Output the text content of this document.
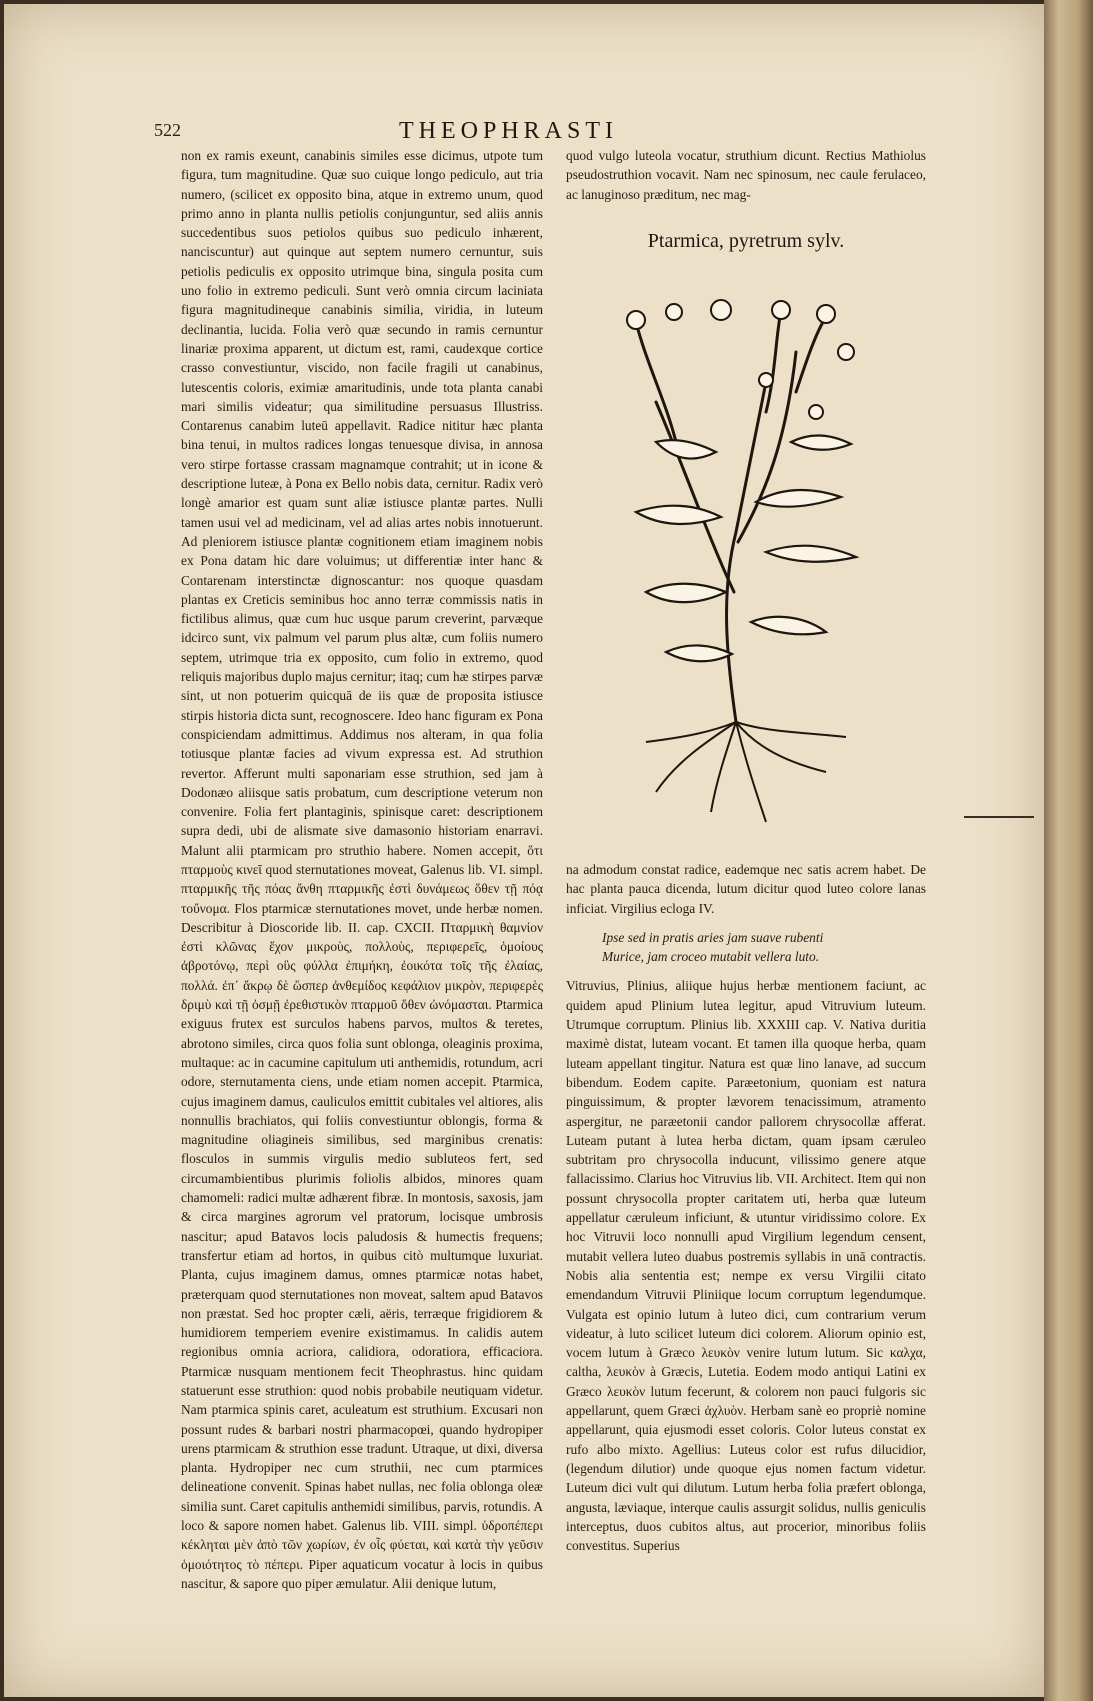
522	THEOPHRASTI

non ex ramis exeunt, canabinis similes esse dicimus, utpote tum figura, tum magnitudine. Quæ suo cuique longo pediculo, aut tria numero, (scilicet ex opposito bina, atque in extremo unum, quod primo anno in planta nullis petiolis conjunguntur, sed aliis annis succedentibus suos petiolos quibus suo pediculo inhærent, nanciscuntur) aut quinque aut septem numero cernuntur, suis petiolis pediculis ex opposito utrimque bina, singula posita cum uno folio in extremo pediculi. Sunt verò omnia circum laciniata figura magnitudineque canabinis similia, viridia, in luteum declinantia, lucida. Folia verò quæ secundo in ramis cernuntur linariæ proxima apparent, ut dictum est, rami, caudexque cortice crasso convestiuntur, viscido, non facile fragili ut canabinus, lutescentis coloris, eximiæ amaritudinis, unde tota planta canabi mari similis videatur; qua similitudine persuasus Illustriss. Contarenus canabim luteū appellavit. Radice nititur hæc planta bina tenui, in multos radices longas tenuesque divisa, in annosa vero stirpe fortasse crassam magnamque contrahit; ut in icone & descriptione luteæ, à Pona ex Bello nobis data, cernitur. Radix verò longè amarior est quam sunt aliæ istiusce plantæ partes. Nulli tamen usui vel ad medicinam, vel ad alias artes nobis innotuerunt. Ad pleniorem istiusce plantæ cognitionem etiam imaginem nobis ex Pona datam hic dare voluimus; ut differentiæ inter hanc & Contarenam interstinctæ dignoscantur: nos quoque quasdam plantas ex Creticis seminibus hoc anno terræ commissis natis in fictilibus alimus, quæ cum huc usque parum creverint, parvæque idcirco sunt, vix palmum vel parum plus altæ, cum foliis numero septem, utrimque tria ex opposito, cum folio in extremo, quod reliquis majoribus duplo majus cernitur; itaq; cum hæ stirpes parvæ sint, ut non potuerim quicquā de iis quæ de proposita istiusce stirpis historia dicta sunt, recognoscere. Ideo hanc figuram ex Pona conspiciendam admittimus. Addimus nos alteram, in qua folia totiusque plantæ facies ad vivum expressa est. Ad struthion revertor. Afferunt multi saponariam esse struthion, sed jam à Dodonæo aliisque satis probatum, cum descriptione veterum non convenire. Folia fert plantaginis, spinisque caret: descriptionem supra dedi, ubi de alismate sive damasonio historiam enarravi. Malunt alii ptarmicam pro struthio habere. Nomen accepit, ὅτι πταρμοὺς κινεῖ quod sternutationes moveat, Galenus lib. VI. simpl. πταρμικῆς τῆς πόας ἄνθη πταρμικῆς ἐστὶ δυνάμεως ὅθεν τῇ πόᾳ τοὔνομα. Flos ptarmicæ sternutationes movet, unde herbæ nomen. Describitur à Dioscoride lib. II. cap. CXCII. Πταρμικὴ θαμνίον ἐστὶ κλῶνας ἔχον μικροὺς, πολλοὺς, περιφερεῖς, ὁμοίους ἀβροτόνῳ, περὶ οὓς φύλλα ἐπιμήκη, ἐοικότα τοῖς τῆς ἐλαίας, πολλά. ἐπ᾽ ἄκρῳ δὲ ὥσπερ ἀνθεμίδος κεφάλιον μικρὸν, περιφερὲς δριμὺ καὶ τῇ ὀσμῇ ἐρεθιστικὸν πταρμοῦ ὅθεν ὠνόμασται. Ptarmica exiguus frutex est surculos habens parvos, multos & teretes, abrotono similes, circa quos folia sunt oblonga, oleaginis proxima, multaque: ac in cacumine capitulum uti anthemidis, rotundum, acri odore, sternutamenta ciens, unde etiam nomen accepit. Ptarmica, cujus imaginem damus, cauliculos emittit cubitales vel altiores, alis nonnullis brachiatos, qui foliis convestiuntur oblongis, forma & magnitudine oliagineis similibus, sed marginibus crenatis: flosculos in summis virgulis medio subluteos fert, sed circumambientibus plurimis foliolis albidos, minores quam chamomeli: radici multæ adhærent fibræ. In montosis, saxosis, jam & circa margines agrorum vel pratorum, locisque umbrosis nascitur; apud Batavos locis paludosis & humectis frequens; transfertur etiam ad hortos, in quibus citò multumque luxuriat. Planta, cujus imaginem damus, omnes ptarmicæ notas habet, præterquam quod sternutationes non moveat, saltem apud Batavos non præstat. Sed hoc propter cæli, aëris, terræque frigidiorem & humidiorem temperiem evenire existimamus. In calidis autem regionibus omnia acriora, calidiora, odoratiora, efficaciora. Ptarmicæ nusquam mentionem fecit Theophrastus. hinc quidam statuerunt esse struthion: quod nobis probabile neutiquam videtur. Nam ptarmica spinis caret, aculeatum est struthium. Excusari non possunt rudes & barbari nostri pharmacopœi, quando hydropiper urens ptarmicam & struthion esse tradunt. Utraque, ut dixi, diversa planta. Hydropiper nec cum struthii, nec cum ptarmices delineatione convenit. Spinas habet nullas, nec folia oblonga oleæ similia sunt. Caret capitulis anthemidi similibus, parvis, rotundis. A loco & sapore nomen habet. Galenus lib. VIII. simpl. ὑδροπέπερι κέκληται μὲν ἀπὸ τῶν χωρίων, ἐν οἷς φύεται, καὶ κατὰ τὴν γεῦσιν ὁμοιότητος τὸ πέπερι. Piper aquaticum vocatur à locis in quibus nascitur, & sapore quo piper æmulatur. Alii denique lutum,

quod vulgo luteola vocatur, struthium dicunt. Rectius Mathiolus pseudostruthion vocavit. Nam nec spinosum, nec caule ferulaceo, ac lanuginoso præditum, nec mag-

Ptarmica, pyretrum sylv.

na admodum constat radice, eademque nec satis acrem habet. De hac planta pauca dicenda, lutum dicitur quod luteo colore lanas inficiat. Virgilius ecloga IV.

Ipse sed in pratis aries jam suave rubenti

Murice, jam croceo mutabit vellera luto.

Vitruvius, Plinius, aliique hujus herbæ mentionem faciunt, ac quidem apud Plinium lutea legitur, apud Vitruvium luteum. Utrumque corruptum. Plinius lib. XXXIII cap. V. Nativa duritia maximè distat, luteam vocant. Et tamen illa quoque herba, quam luteam appellant tingitur. Natura est quæ lino lanave, ad succum bibendum. Eodem capite. Paræetonium, quoniam est natura pinguissimum, & propter lævorem tenacissimum, atramento aspergitur, ne paræetonii candor pallorem chrysocollæ afferat. Luteam putant à lutea herba dictam, quam ipsam cæruleo subtritam pro chrysocolla inducunt, vilissimo genere atque fallacissimo. Clarius hoc Vitruvius lib. VII. Architect. Item qui non possunt chrysocolla propter caritatem uti, herba quæ luteum appellatur cæruleum inficiunt, & utuntur viridissimo colore. Ex hoc Vitruvii loco nonnulli apud Virgilium legendum censent, mutabit vellera luteo duabus postremis syllabis in unā contractis. Nobis alia sententia est; nempe ex versu Virgilii citato emendandum Vitruvii Pliniique locum corruptum legendumque. Vulgata est opinio lutum à luteo dici, cum contrarium verum videatur, à luto scilicet luteum dici colorem. Aliorum opinio est, vocem lutum à Græco λευκὸν venire lutum lutum. Sic καλχα, caltha, λευκὸν à Græcis, Lutetia. Eodem modo antiqui Latini ex Græco λευκὸν lutum fecerunt, & colorem non pauci fulgoris sic appellarunt, quem Græci ἀχλυὸν. Herbam sanè eo propriè nomine appellarunt, quia ejusmodi esset coloris. Color luteus constat ex rufo albo mixto. Agellius: Luteus color est rufus dilucidior, (legendum dilutior) unde quoque ejus nomen factum videtur. Luteum dici vult qui dilutum. Lutum herba folia præfert oblonga, angusta, læviaque, interque caulis assurgit solidus, nullis geniculis interceptus, duos cubitos altus, aut procerior, minoribus foliis convestitus. Superius
